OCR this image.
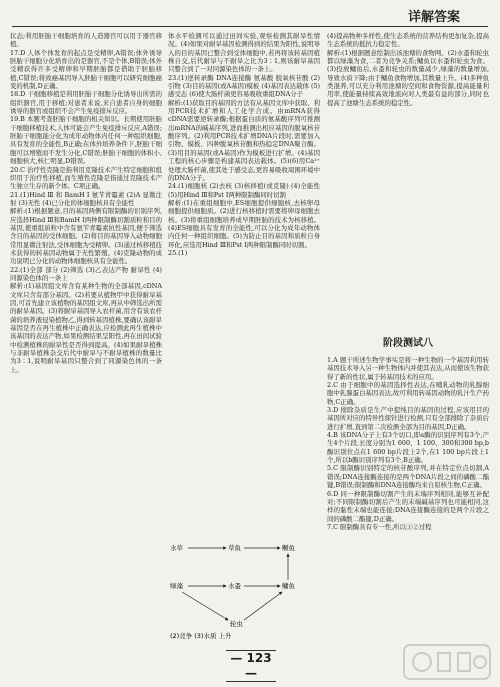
详解答案

状态;利用胚胎干细胞培育的人造器官可以用于器官移植。

17.D 人体个体发育的起点是受精卵,A错误;体外诱导胚胎干细胞分化培育出的是器官,不是个体,B错误;体外受精获得许多受精卵和早期胚胎都是借助于胚胎移植,C错误;将致癌基因导入胚胎干细胞可以研究细胞癌变的机制,D正确。

18.D 干细胞移植是利用胚胎干细胞分化诱导出所需的组织器官,用于移植;对患者来说,来自患者自身的细胞诱导的器官或组织不会产生免疫排斥反应。

19.B 本题考查胚胎干细胞的相关知识。长期使用胚胎干细胞移植技术,人体可能会产生免疫排斥反应,A错误;胚胎干细胞能分化为成年动物体内任何一种组织细胞,具有发育的全能性,B正确;在体外培养条件下,胚胎干细胞可以增殖而不发生分化,C错误;胚胎干细胞的体积小,细胞核大,核仁明显,D错误。

20.C 治疗性克隆是指利用克隆技术产生特定细胞和组织用于治疗性移植,而生殖性克隆是指通过克隆技术产生独立生存的新个体。C项正确。

21.(1)Hind Ⅲ 和 BamH Ⅰ 氨苄青霉素 (2)A 显微注射 (3)无性 (4)已分化的体细胞核具有全能性

解析:(1)根据题意,目的基因两侧有限制酶的识别序列,应选择Hind Ⅲ和BamH Ⅰ两种限制酶切割质粒和目的基因,使重组质粒中含有氨苄青霉素抗性基因,便于筛选含目的基因的受体细胞。(2)将目的基因导入动物细胞常用显微注射法,受体细胞为受精卵。(3)通过核移植技术获得的转基因动物属于无性繁殖。(4)克隆动物的成功说明已分化的动物体细胞核具有全能性。

22.(1)全部 部分 (2)筛选 (3)乙表达产物 耐旱性 (4)同源染色体的一条上

解析:(1)基因组文库含有某种生物的全部基因,cDNA文库只含有部分基因。(2)若要从植物甲中获得耐旱基因,可首先建立该植物的基因组文库,再从中筛选出所需的耐旱基因。(3)将耐旱基因导入农杆菌,用含有该农杆菌的培养液侵染植物乙,得到转基因植株,要确认该耐旱基因是否在再生植株中正确表达,应检测此再生植株中该基因的表达产物,如果检测结果呈阳性,再在田间试验中检测植株的耐旱性是否得到提高。(4)如果耐旱植株与非耐旱植株杂交后代中耐旱与不耐旱植株的数量比为3∶1,说明耐旱基因只整合到了同源染色体的一条上。

体水平检测可以通过田间实验,观察检测其耐旱性情况。(4)如果对耐旱基因检测得到的结果为阳性,说明导入的目的基因已整合到受体细胞中,若再将该转基因植株自交,后代耐旱与不耐旱之比为3∶1,则该耐旱基因只整合到了一对同源染色体的一条上。

23.(1)逆转录酶 DNA连接酶 氨基酸 脱氧核苷酸 (2)引物 (3)目的基因(或A基因)模板 (4)基因表达载体 (5)感受态 (6)使大肠杆菌更容易吸收重组DNA分子

解析:(1)获取目的基因的方法有从基因文库中获取、利用PCR技术扩增和人工化学合成。由mRNA获得cDNA需要逆转录酶;根据蛋白质的氨基酸序列可推测出mRNA的碱基序列,进而推测出相应基因的脱氧核苷酸序列。(2)利用PCR技术扩增DNA片段时,需要加入引物、模板、四种脱氧核苷酸和热稳定DNA聚合酶。(3)用目的基因(或A基因)作为模板进行扩增。(4)基因工程的核心步骤是构建基因表达载体。(5)(6)用Ca²⁺处理大肠杆菌,使其处于感受态,更容易吸收周围环境中的DNA分子。

24.(1)细胞核 (2)去核 (3)核移植(或克隆) (4)全能性 (5)用Hind Ⅲ和Pst Ⅰ两种限制酶同时切割

解析:(1)在重组细胞中,ES细胞提供细胞核,去核卵母细胞提供细胞质。(2)进行核移植时需要将卵母细胞去核。(3)将重组细胞培养成早期胚胎的技术为核移植。(4)ES细胞具有发育的全能性,可以分化为成年动物体内任何一种组织细胞。(5)为防止目的基因和质粒自身环化,应选用Hind Ⅲ和Pst Ⅰ两种限制酶同时切割。

25.(1)

水草	草鱼	鳜鱼
绿藻	水蚤	鳙鱼
轮虫
(2)竞争 (3)水质 上升

(4)提高物种多样性,使生态系统的营养结构更加复杂,提高生态系统的抵抗力稳定性。

解析:(1)根据题意绘制出该池塘的食物网。(2)水蚤和轮虫都以绿藻为食,二者为竞争关系;鳙鱼以水蚤和轮虫为食。(3)投放鳙鱼后,水蚤和轮虫的数量减少,绿藻的数量增加,导致水质下降;由于鳙鱼食物增加,其数量上升。(4)多种鱼类混养,可以充分利用池塘的空间和食物资源,提高能量利用率,使能量持续高效地流向对人类最有益的部分,同时也提高了池塘生态系统的稳定性。

阶段测试八

1.A 题干所述生物学事实是将一种生物的一个基因利用转基因技术导入另一种生物体内并使其表达,从而使该生物获得了新的性状,属于转基因技术的应用。

2.C 由于细胞中的基因选择性表达,在哺乳动物的乳腺细胞中乳腺蛋白基因表达,故可利用转基因动物的乳汁生产药物,C正确。

3.D 排除杂质是生产中提纯目的基因的过程,应该用目的基因所对应的特异性探针进行检测,只有全部排除了杂质后进行扩增,直到第二次检测全部为目的基因,D正确。

4.B 该DNA分子上有3个切口,即a酶的识别序列有3个,产生4个片段,长度分别为1 600、1 100、300和300 bp,b酶识别位点在1 600 bp片段上2个,在1 100 bp片段上1个,所以b酶识别序列有3个,B正确。

5.C 限制酶识别特定的核苷酸序列,并在特定位点切割,A错误;DNA连接酶连接的是两个DNA片段之间的磷酸二酯键,B错误;限制酶和DNA连接酶均来自原核生物,C正确。

6.D 同一种限制酶切割产生的末端序列相同,能够互补配对;不同限制酶切割后产生的末端碱基序列也可能相同,这样的黏性末端也能连接;DNA连接酶连接的是两个片段之间的磷酸二酯键,D正确。

7.C 限制酶具有专一性,所以①②过程

— 123 —
